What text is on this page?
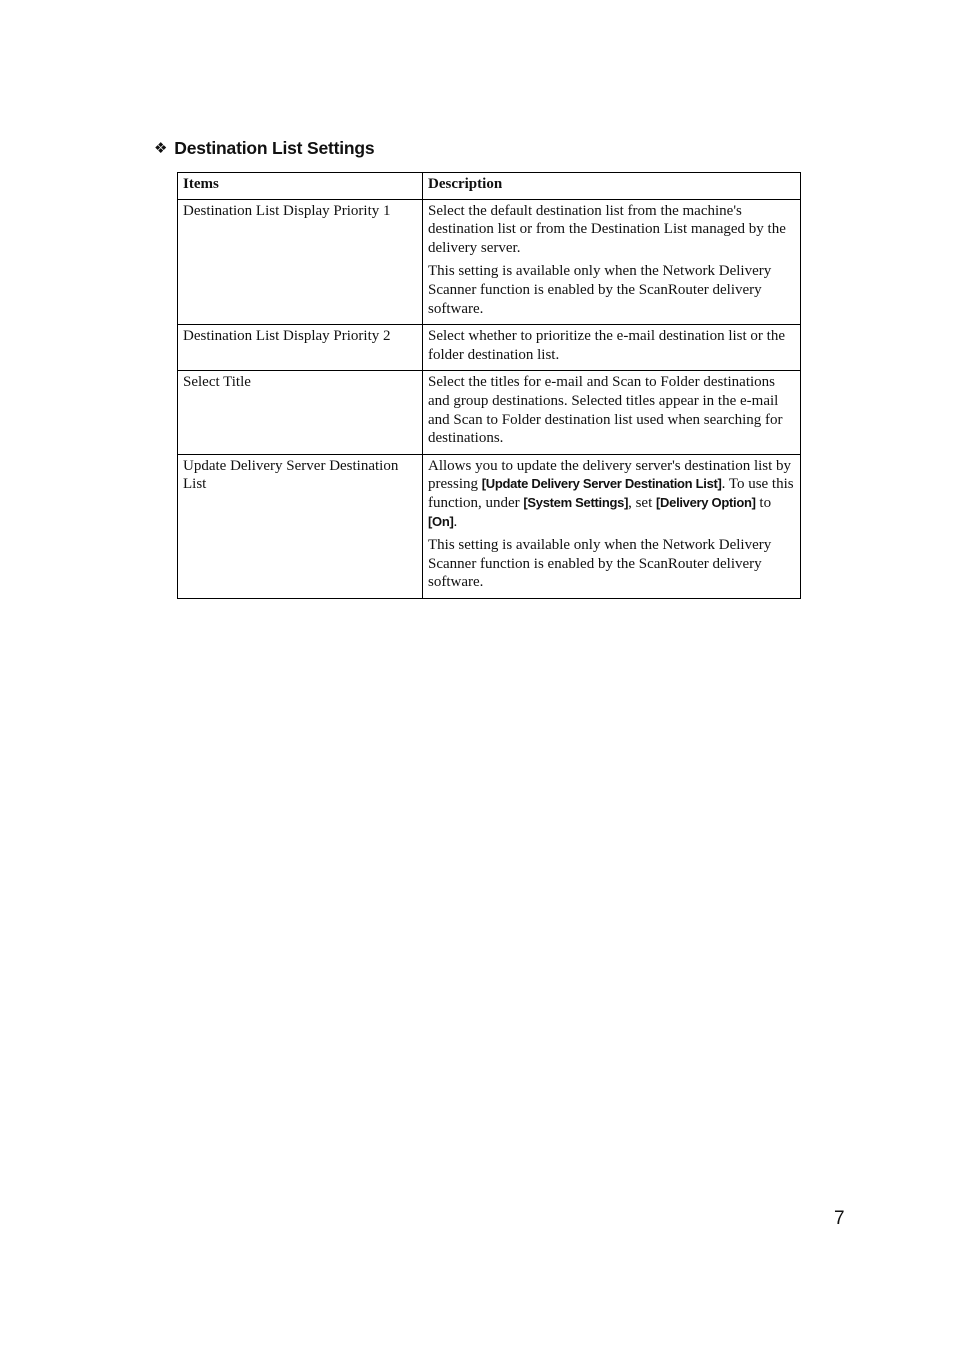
❖ Destination List Settings
Items	Description
Destination List Display Priority 1	Select the default destination list from the machine's destination list or from the Destination List managed by the delivery server.

This setting is available only when the Network Delivery Scanner function is enabled by the ScanRouter delivery software.

Destination List Display Priority 2	Select whether to prioritize the e-mail destination list or the folder destination list.

Select Title	Select the titles for e-mail and Scan to Folder destinations and group destinations. Selected titles appear in the e-mail and Scan to Folder destination list used when searching for destinations.

Update Delivery Server Destination List	Allows you to update the delivery server's destination list by pressing [Update Delivery Server Destination List]. To use this function, under [System Settings], set [Delivery Option] to [On].

This setting is available only when the Network Delivery Scanner function is enabled by the ScanRouter delivery software.

7
